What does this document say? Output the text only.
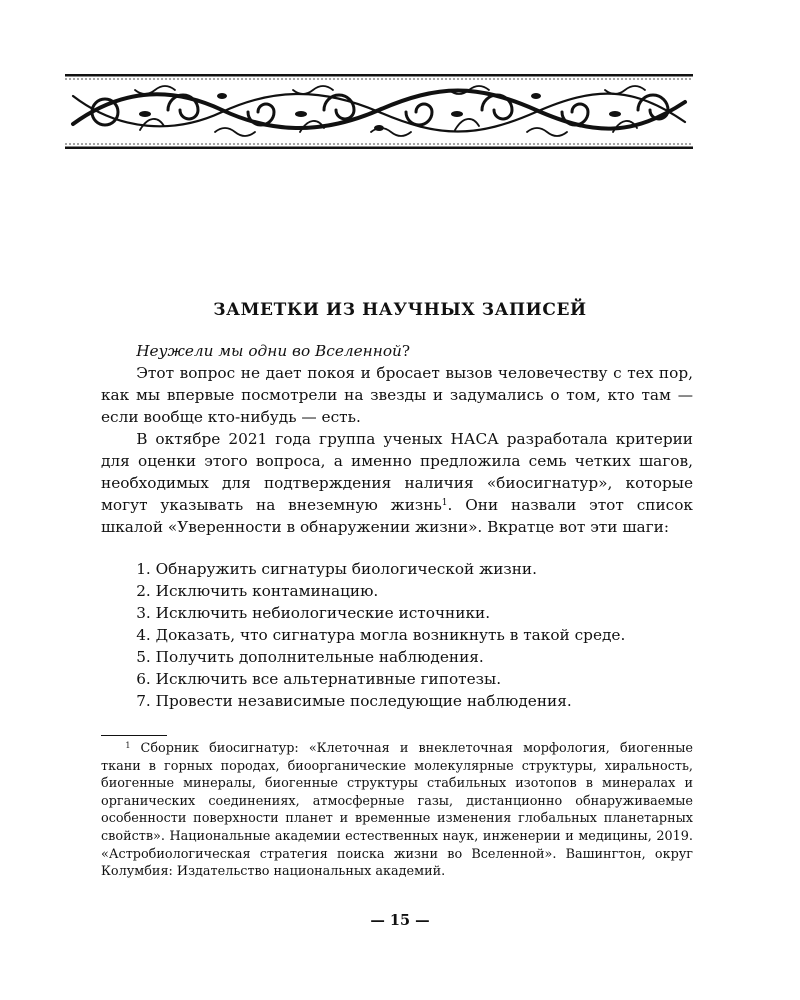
ЗАМЕТКИ ИЗ НАУЧНЫХ ЗАПИСЕЙ

Неужели мы одни во Вселенной?

Этот вопрос не дает покоя и бросает вызов человечеству с тех пор, как мы впервые посмотрели на звезды и задумались о том, кто там — если вообще кто-нибудь — есть.

В октябре 2021 года группа ученых НАСА разработала критерии для оценки этого вопроса, а именно предложила семь четких шагов, необходимых для подтверждения наличия «биосигнатур», которые могут указывать на внеземную жизнь$^1$. Они назвали этот список шкалой «Уверенности в обнаружении жизни». Вкратце вот эти шаги:

1. Обнаружить сигнатуры биологической жизни.
2. Исключить контаминацию.
3. Исключить небиологические источники.
4. Доказать, что сигнатура могла возникнуть в такой среде.
5. Получить дополнительные наблюдения.
6. Исключить все альтернативные гипотезы.
7. Провести независимые последующие наблюдения.

$^1$ Сборник биосигнатур: «Клеточная и внеклеточная морфология, биогенные ткани в горных породах, биоорганические молекулярные структуры, хиральность, биогенные минералы, биогенные структуры стабильных изотопов в минералах и органических соединениях, атмосферные газы, дистанционно обнаруживаемые особенности поверхности планет и временные изменения глобальных планетарных свойств». Национальные академии естественных наук, инженерии и медицины, 2019. «Астробиологическая стратегия поиска жизни во Вселенной». Вашингтон, округ Колумбия: Издательство национальных академий.

— 15 —
